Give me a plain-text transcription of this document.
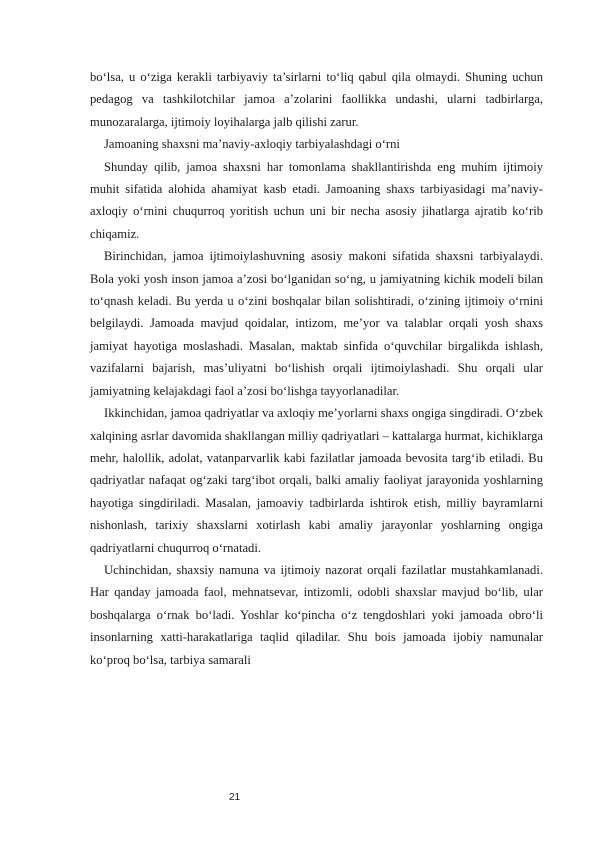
bo‘lsa, u o‘ziga kerakli tarbiyaviy ta’sirlarni to‘liq qabul qila olmaydi. Shuning uchun pedagog va tashkilotchilar jamoa a’zolarini faollikka undashi, ularni tadbirlarga, munozaralarga, ijtimoiy loyihalarga jalb qilishi zarur.

Jamoaning shaxsni ma’naviy-axloqiy tarbiyalashdagi o‘rni

Shunday qilib, jamoa shaxsni har tomonlama shakllantirishda eng muhim ijtimoiy muhit sifatida alohida ahamiyat kasb etadi. Jamoaning shaxs tarbiyasidagi ma’naviy-axloqiy o‘rnini chuqurroq yoritish uchun uni bir necha asosiy jihatlarga ajratib ko‘rib chiqamiz.

Birinchidan, jamoa ijtimoiylashuvning asosiy makoni sifatida shaxsni tarbiyalaydi. Bola yoki yosh inson jamoa a’zosi bo‘lganidan so‘ng, u jamiyatning kichik modeli bilan to‘qnash keladi. Bu yerda u o‘zini boshqalar bilan solishtiradi, o‘zining ijtimoiy o‘rnini belgilaydi. Jamoada mavjud qoidalar, intizom, me’yor va talablar orqali yosh shaxs jamiyat hayotiga moslashadi. Masalan, maktab sinfida o‘quvchilar birgalikda ishlash, vazifalarni bajarish, mas’uliyatni bo‘lishish orqali ijtimoiylashadi. Shu orqali ular jamiyatning kelajakdagi faol a’zosi bo‘lishga tayyorlanadilar.

Ikkinchidan, jamoa qadriyatlar va axloqiy me’yorlarni shaxs ongiga singdiradi. O‘zbek xalqining asrlar davomida shakllangan milliy qadriyatlari – kattalarga hurmat, kichiklarga mehr, halollik, adolat, vatanparvarlik kabi fazilatlar jamoada bevosita targ‘ib etiladi. Bu qadriyatlar nafaqat og‘zaki targ‘ibot orqali, balki amaliy faoliyat jarayonida yoshlarning hayotiga singdiriladi. Masalan, jamoaviy tadbirlarda ishtirok etish, milliy bayramlarni nishonlash, tarixiy shaxslarni xotirlash kabi amaliy jarayonlar yoshlarning ongiga qadriyatlarni chuqurroq o‘rnatadi.

Uchinchidan, shaxsiy namuna va ijtimoiy nazorat orqali fazilatlar mustahkamlanadi. Har qanday jamoada faol, mehnatsevar, intizomli, odobli shaxslar mavjud bo‘lib, ular boshqalarga o‘rnak bo‘ladi. Yoshlar ko‘pincha o‘z tengdoshlari yoki jamoada obro‘li insonlarning xatti-harakatlariga taqlid qiladilar. Shu bois jamoada ijobiy namunalar ko‘proq bo‘lsa, tarbiya samarali

21
